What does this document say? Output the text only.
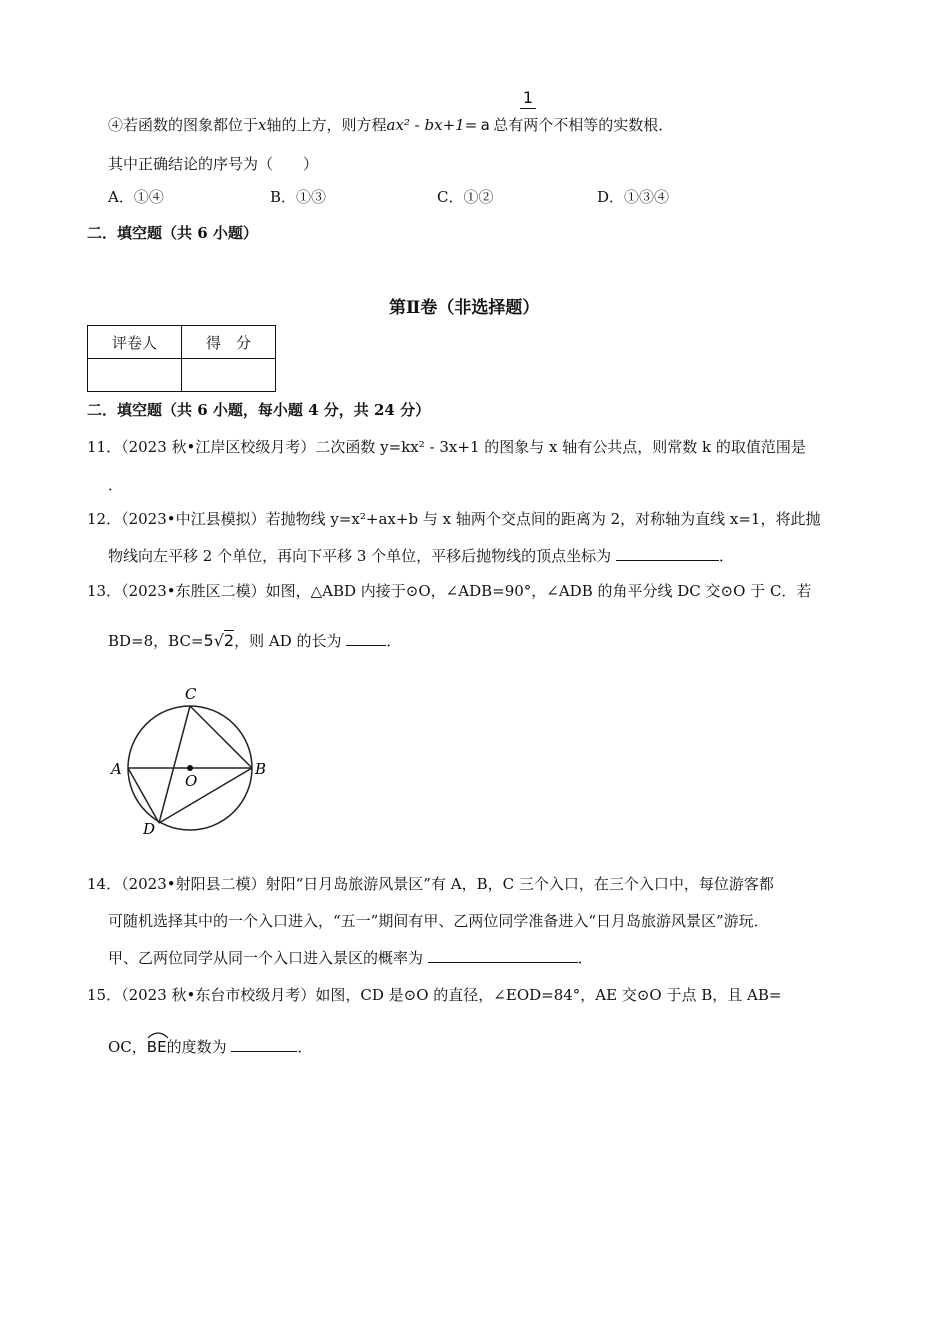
1
④若函数的图象都位于x轴的上方，则方程ax² - bx+1= a 总有两个不相等的实数根．
其中正确结论的序号为（　　）
A．①④	B．①③	C．①②	D．①③④
二．填空题（共 6 小题）
第Ⅱ卷（非选择题）
评卷人	得　分

二．填空题（共 6 小题，每小题 4 分，共 24 分）
11．（2023 秋•江岸区校级月考）二次函数 y=kx² - 3x+1 的图象与 x 轴有公共点，则常数 k 的取值范围是
．
12．（2023•中江县模拟）若抛物线 y=x²+ax+b 与 x 轴两个交点间的距离为 2，对称轴为直线 x=1，将此抛
物线向左平移 2 个单位，再向下平移 3 个单位，平移后抛物线的顶点坐标为	．
13．（2023•东胜区二模）如图，△ABD 内接于⊙O，∠ADB=90°，∠ADB 的角平分线 DC 交⊙O 于 C．若
BD=8，BC=5√2，则 AD 的长为	．
C
A	B
O
D
14．（2023•射阳县二模）射阳“日月岛旅游风景区”有 A，B，C 三个入口，在三个入口中，每位游客都
可随机选择其中的一个入口进入，“五一”期间有甲、乙两位同学准备进入“日月岛旅游风景区”游玩．
甲、乙两位同学从同一个入口进入景区的概率为	．
15．（2023 秋•东台市校级月考）如图，CD 是⊙O 的直径，∠EOD=84°，AE 交⊙O 于点 B，且 AB=
OC，
BE的度数为	．
